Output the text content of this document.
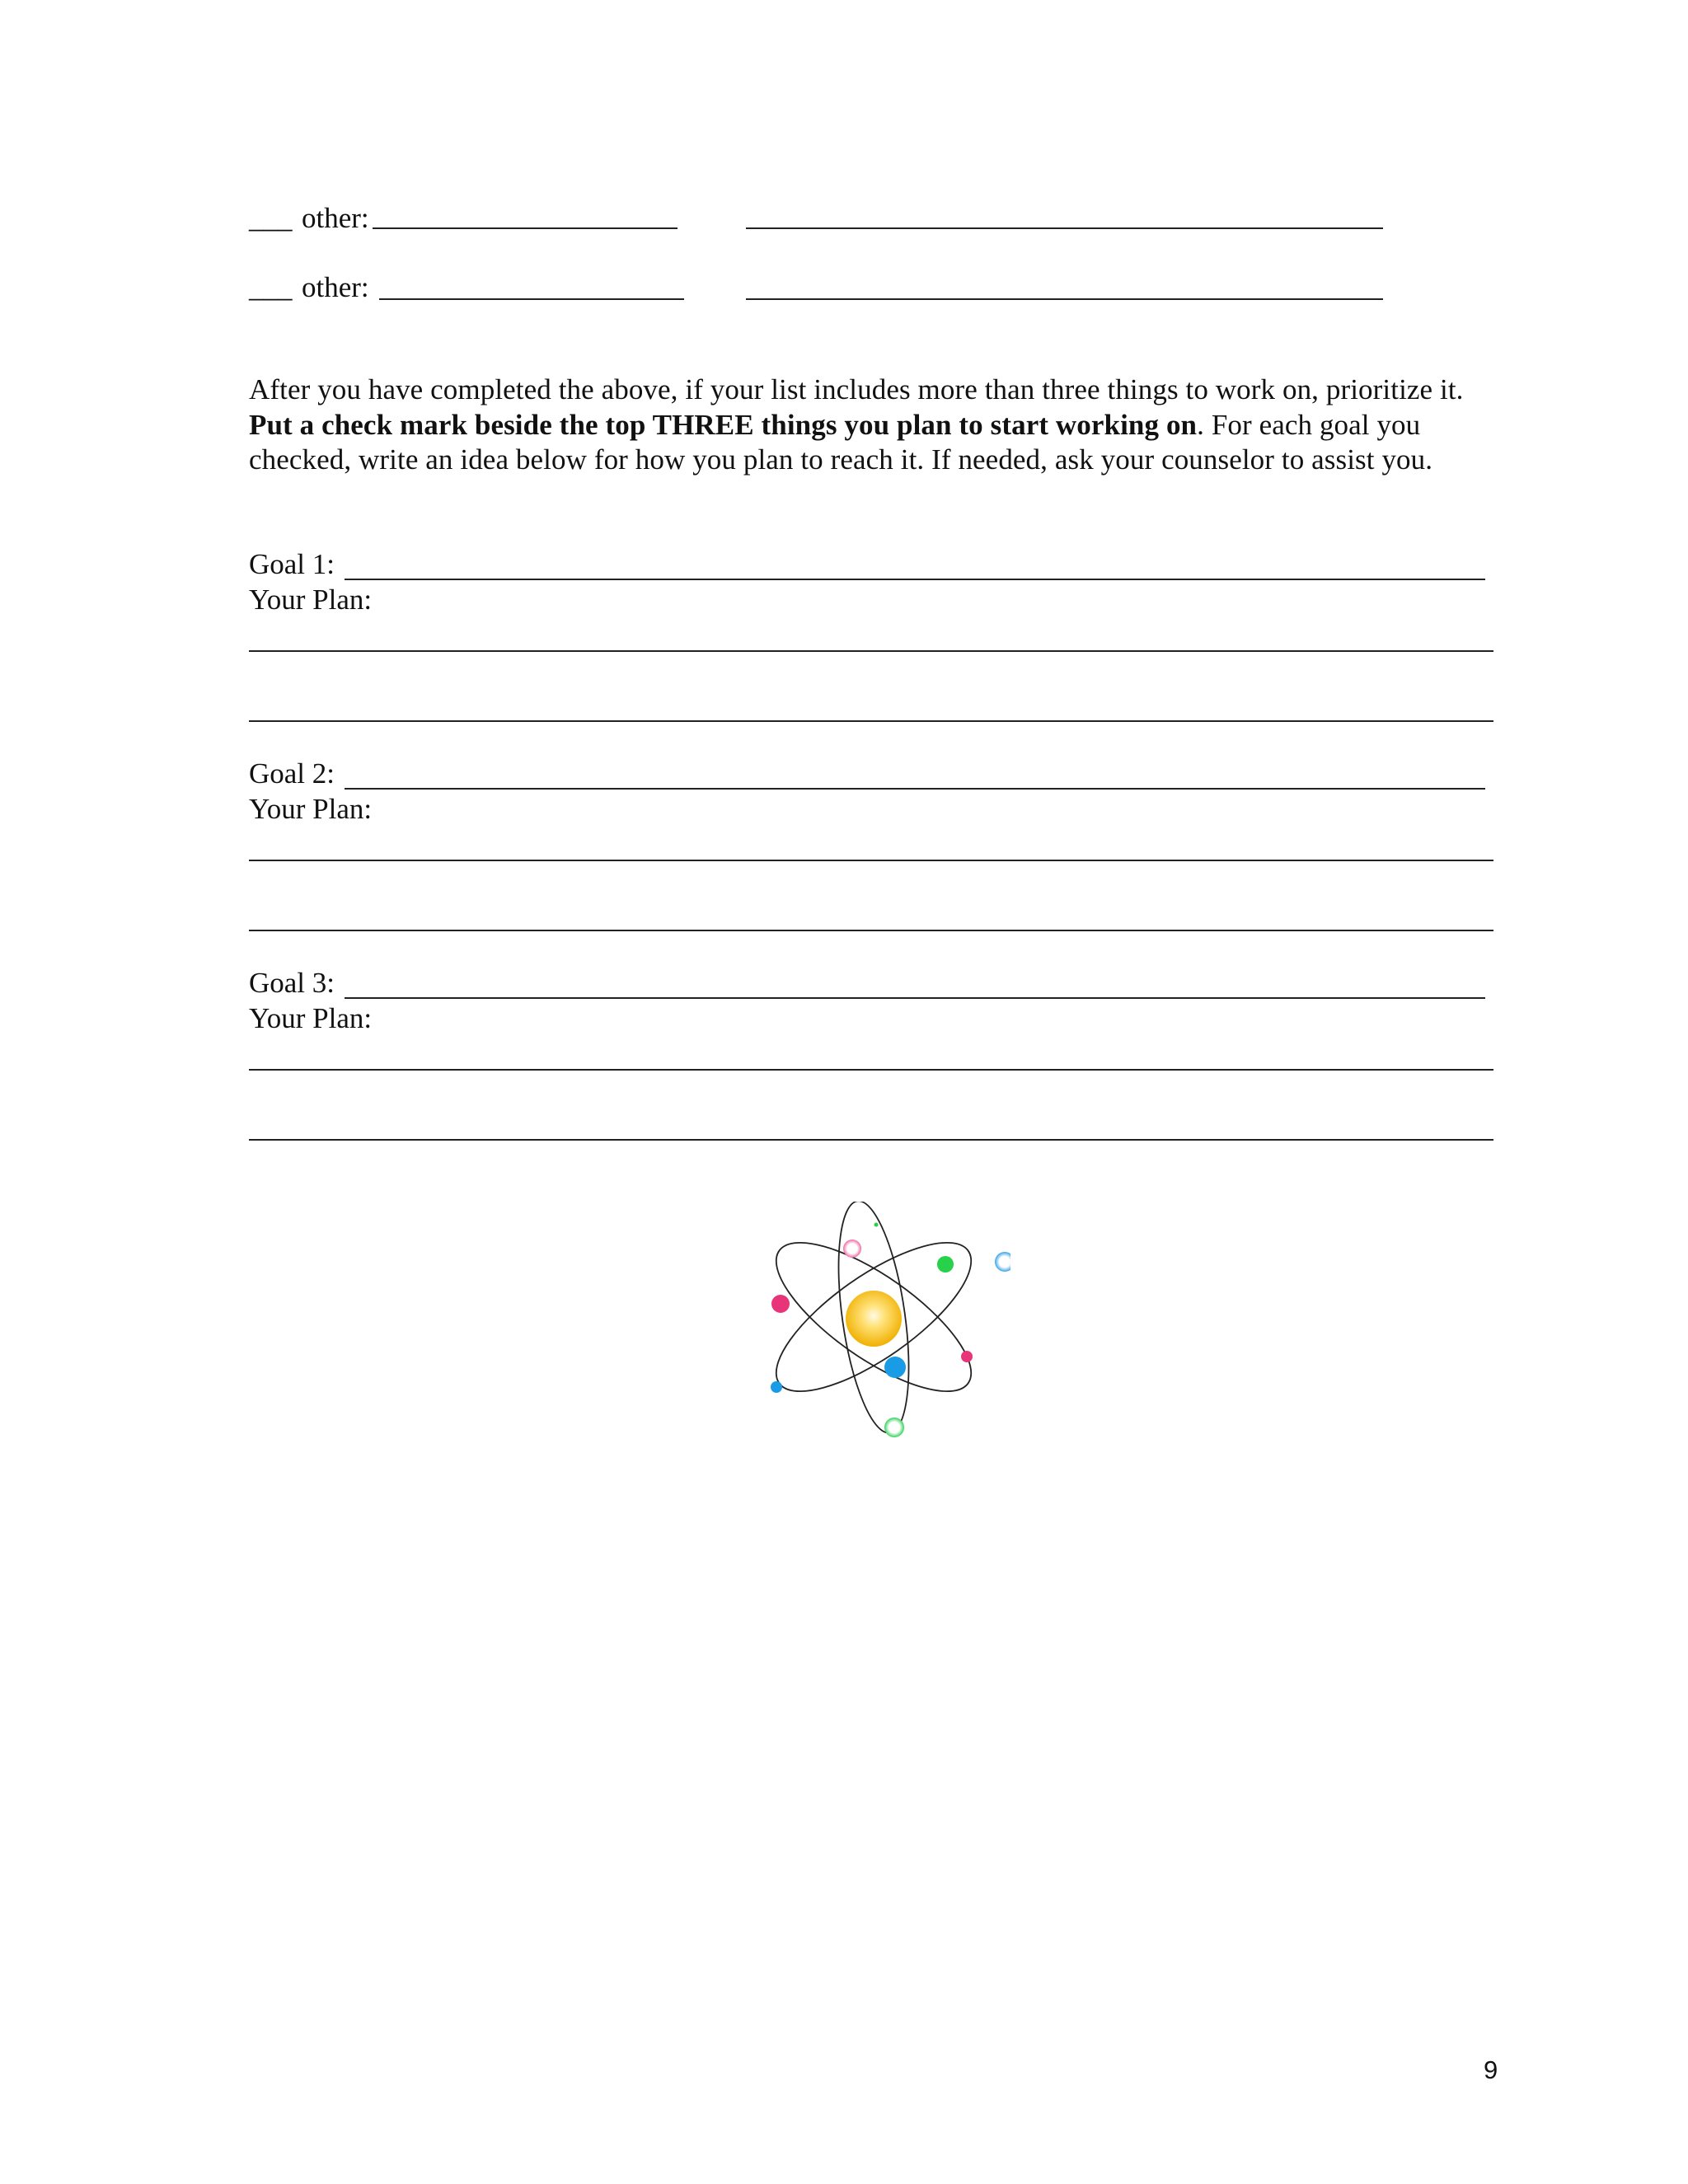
___ other:
___ other:
After you have completed the above, if your list includes more than three things to work on, prioritize it. Put a check mark beside the top THREE things you plan to start working on. For each goal you checked, write an idea below for how you plan to reach it. If needed, ask your counselor to assist you.
Goal 1:
Your Plan:
Goal 2:
Your Plan:
Goal 3:
Your Plan:
9
